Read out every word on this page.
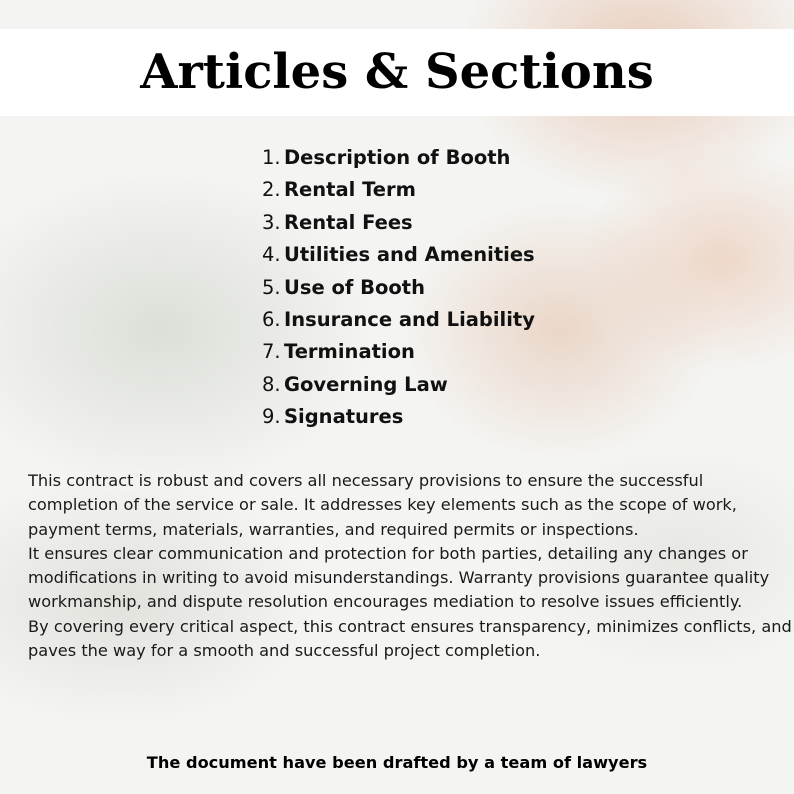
Articles & Sections
1. Description of Booth
2. Rental Term
3. Rental Fees
4. Utilities and Amenities
5. Use of Booth
6. Insurance and Liability
7. Termination
8. Governing Law
9. Signatures

This contract is robust and covers all necessary provisions to ensure the successful completion of the service or sale. It addresses key elements such as the scope of work, payment terms, materials, warranties, and required permits or inspections.

It ensures clear communication and protection for both parties, detailing any changes or modifications in writing to avoid misunderstandings. Warranty provisions guarantee quality workmanship, and dispute resolution encourages mediation to resolve issues efficiently.

By covering every critical aspect, this contract ensures transparency, minimizes conflicts, and paves the way for a smooth and successful project completion.

The document have been drafted by a team of lawyers
